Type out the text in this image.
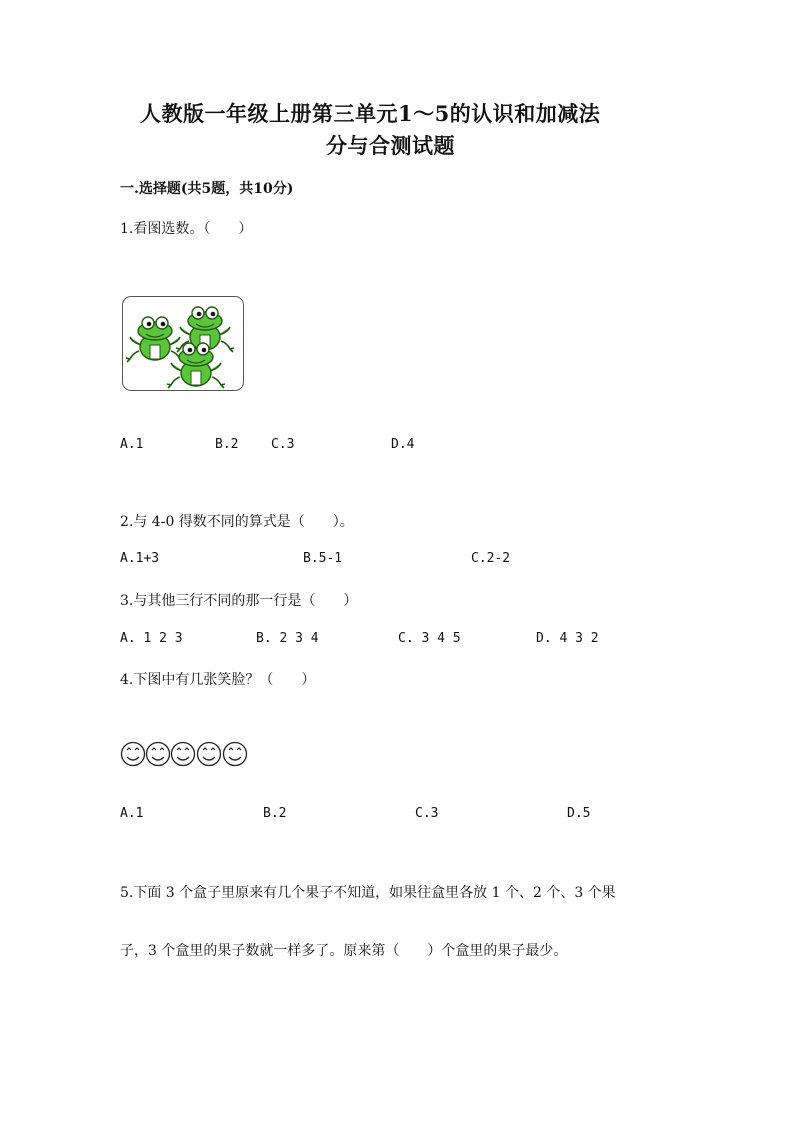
人教版一年级上册第三单元1～5的认识和加减法
分与合测试题
一.选择题(共5题，共10分)
1.看图选数。（　　）
A.1	B.2	C.3	D.4
2.与 4-0 得数不同的算式是（　　）。
A.1+3	B.5-1	C.2-2
3.与其他三行不同的那一行是（　　）
A. 1 2 3	B. 2 3 4	C. 3 4 5	D. 4 3 2
4.下图中有几张笑脸？（　　）
A.1	B.2	C.3	D.5
5.下面 3 个盒子里原来有几个果子不知道，如果往盒里各放 1 个、2 个、3 个果
子，3 个盒里的果子数就一样多了。原来第（　　）个盒里的果子最少。
